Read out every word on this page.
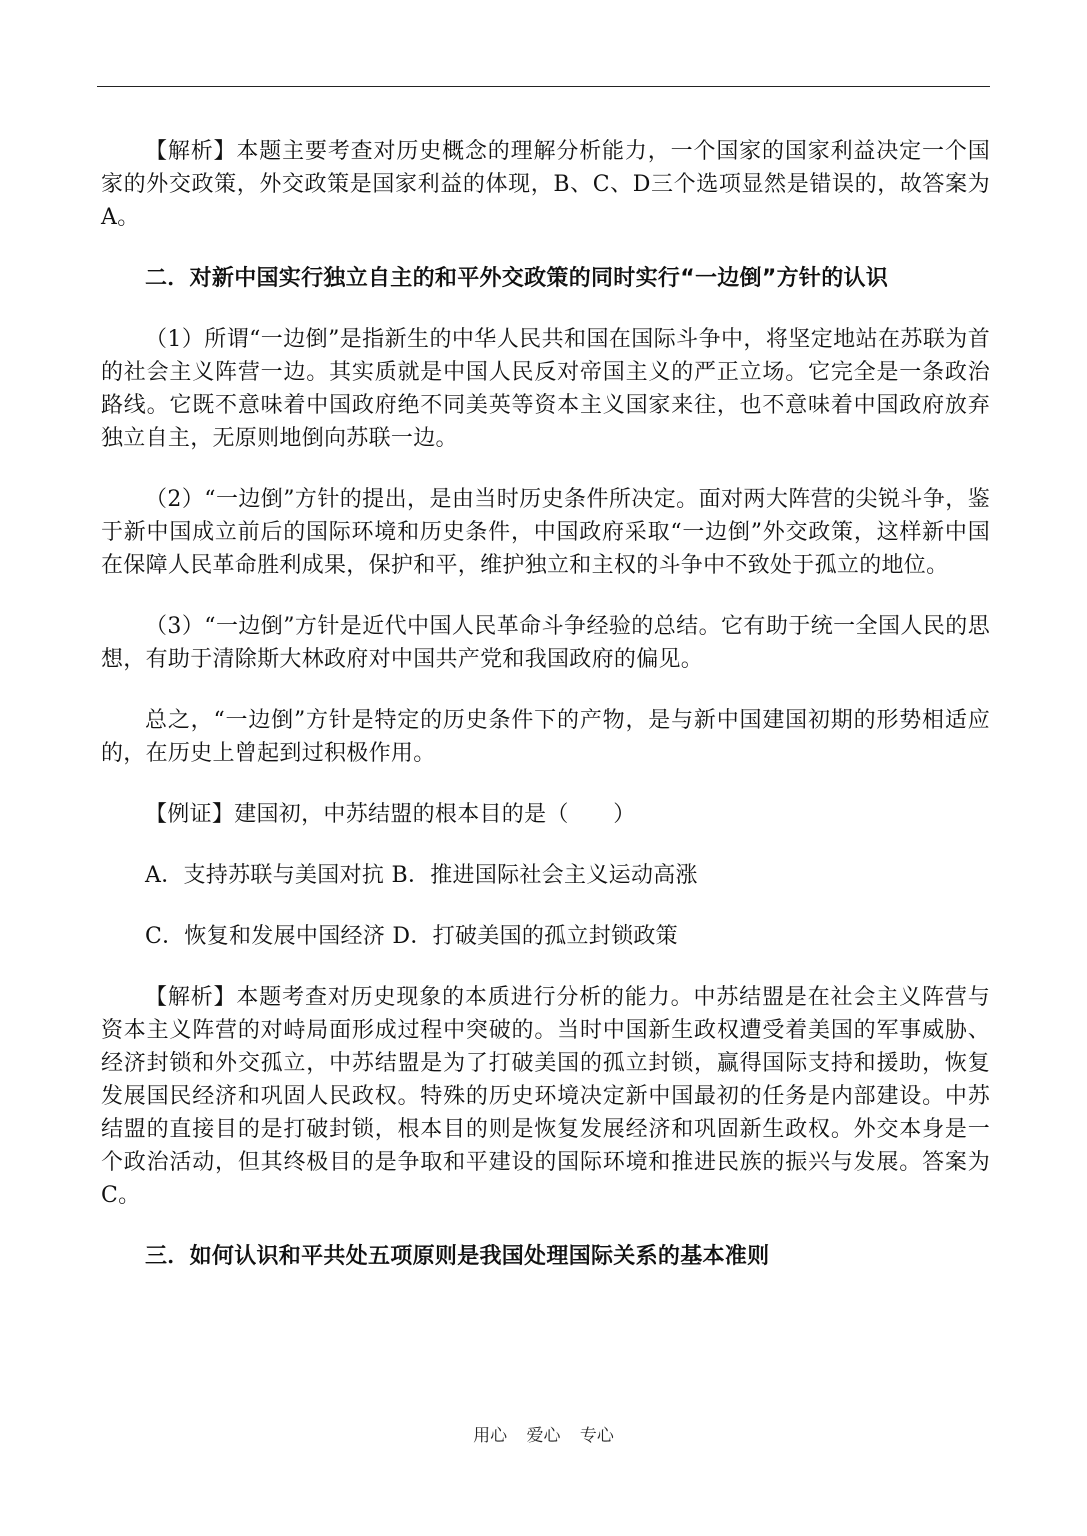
【解析】本题主要考查对历史概念的理解分析能力，一个国家的国家利益决定一个国家的外交政策，外交政策是国家利益的体现，B、C、D三个选项显然是错误的，故答案为A。

二．对新中国实行独立自主的和平外交政策的同时实行“一边倒”方针的认识

（1）所谓“一边倒”是指新生的中华人民共和国在国际斗争中，将坚定地站在苏联为首的社会主义阵营一边。其实质就是中国人民反对帝国主义的严正立场。它完全是一条政治路线。它既不意味着中国政府绝不同美英等资本主义国家来往，也不意味着中国政府放弃独立自主，无原则地倒向苏联一边。

（2）“一边倒”方针的提出，是由当时历史条件所决定。面对两大阵营的尖锐斗争，鉴于新中国成立前后的国际环境和历史条件，中国政府采取“一边倒”外交政策，这样新中国在保障人民革命胜利成果，保护和平，维护独立和主权的斗争中不致处于孤立的地位。

（3）“一边倒”方针是近代中国人民革命斗争经验的总结。它有助于统一全国人民的思想，有助于清除斯大林政府对中国共产党和我国政府的偏见。

总之，“一边倒”方针是特定的历史条件下的产物，是与新中国建国初期的形势相适应的，在历史上曾起到过积极作用。

【例证】建国初，中苏结盟的根本目的是（　　）

A．支持苏联与美国对抗 B．推进国际社会主义运动高涨

C．恢复和发展中国经济 D．打破美国的孤立封锁政策

【解析】本题考查对历史现象的本质进行分析的能力。中苏结盟是在社会主义阵营与资本主义阵营的对峙局面形成过程中突破的。当时中国新生政权遭受着美国的军事威胁、经济封锁和外交孤立，中苏结盟是为了打破美国的孤立封锁，赢得国际支持和援助，恢复发展国民经济和巩固人民政权。特殊的历史环境决定新中国最初的任务是内部建设。中苏结盟的直接目的是打破封锁，根本目的则是恢复发展经济和巩固新生政权。外交本身是一个政治活动，但其终极目的是争取和平建设的国际环境和推进民族的振兴与发展。答案为C。

三．如何认识和平共处五项原则是我国处理国际关系的基本准则

用心 爱心 专心
